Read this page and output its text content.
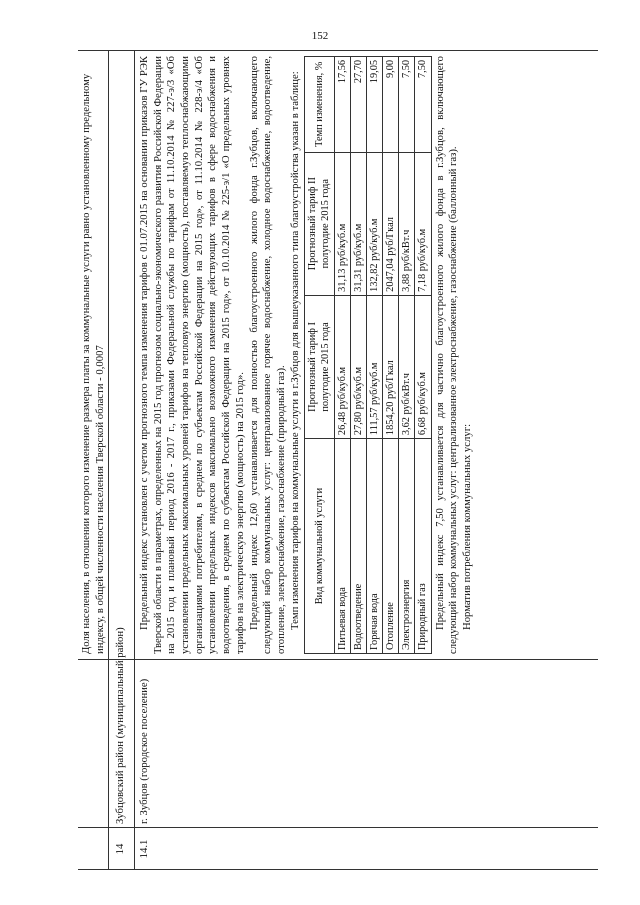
152
Доля населения, в отношении которого изменение размера платы за коммунальные услуги равно установленному предельному индексу, в общей численности населения Тверской области - 0,0007
14
Зубцовский район (муниципальный район)
14.1
г. Зубцов (городское поселение)

Предельный индекс установлен с учетом прогнозного темпа изменения тарифов с 01.07.2015 на основании приказов ГУ РЭК Тверской области в параметрах, определенных на 2015 год прогнозом социально-экономического развития Российской Федерации на 2015 год и плановый период 2016 - 2017 г., приказами Федеральной службы по тарифам от 11.10.2014 № 227-э/3 «Об установлении предельных максимальных уровней тарифов на тепловую энергию (мощность), поставляемую теплоснабжающими организациями потребителям, в среднем по субъектам Российской Федерации на 2015 год», от 11.10.2014 № 228-э/4 «Об установлении предельных индексов максимально возможного изменения действующих тарифов в сфере водоснабжения и водоотведения, в среднем по субъектам Российской Федерации на 2015 год», от 10.10.2014 № 225-э/1 «О предельных уровнях тарифов на электрическую энергию (мощность) на 2015 год». Предельный индекс 12,60 устанавливается для полностью благоустроенного жилого фонда г.Зубцов, включающего следующий набор коммунальных услуг: централизованное горячее водоснабжение, холодное водоснабжение, водоотведение, отопление, электроснабжение, газоснабжение (природный газ). Темп изменения тарифов на коммунальные услуги в г.Зубцов для вышеуказанного типа благоустройства указан в таблице: Вид коммунальной услуги	Прогнозный тариф I полугодие 2015 года	Прогнозный тариф II полугодие 2015 года	Темп изменения, %
Питьевая вода	26,48 руб/куб.м	31,13 руб/куб.м	17,56
Водоотведение	27,80 руб/куб.м	31,31 руб/куб.м	27,70
Горячая вода	111,57 руб/куб.м	132,82 руб/куб.м	19,05
Отопление	1854,20 руб/Гкал	2047,04 руб/Гкал	9,00
Электроэнергия	3,62 руб/кВт.ч	3,88 руб/кВт.ч	7,50
Природный газ	6,68 руб/куб.м	7,18 руб/куб.м	7,50 Предельный индекс 7,50 устанавливается для частично благоустроенного жилого фонда в г.Зубцов, включающего следующий набор коммунальных услуг: централизованное электроснабжение, газоснабжение (баллонный газ). Норматив потребления коммунальных услуг:
